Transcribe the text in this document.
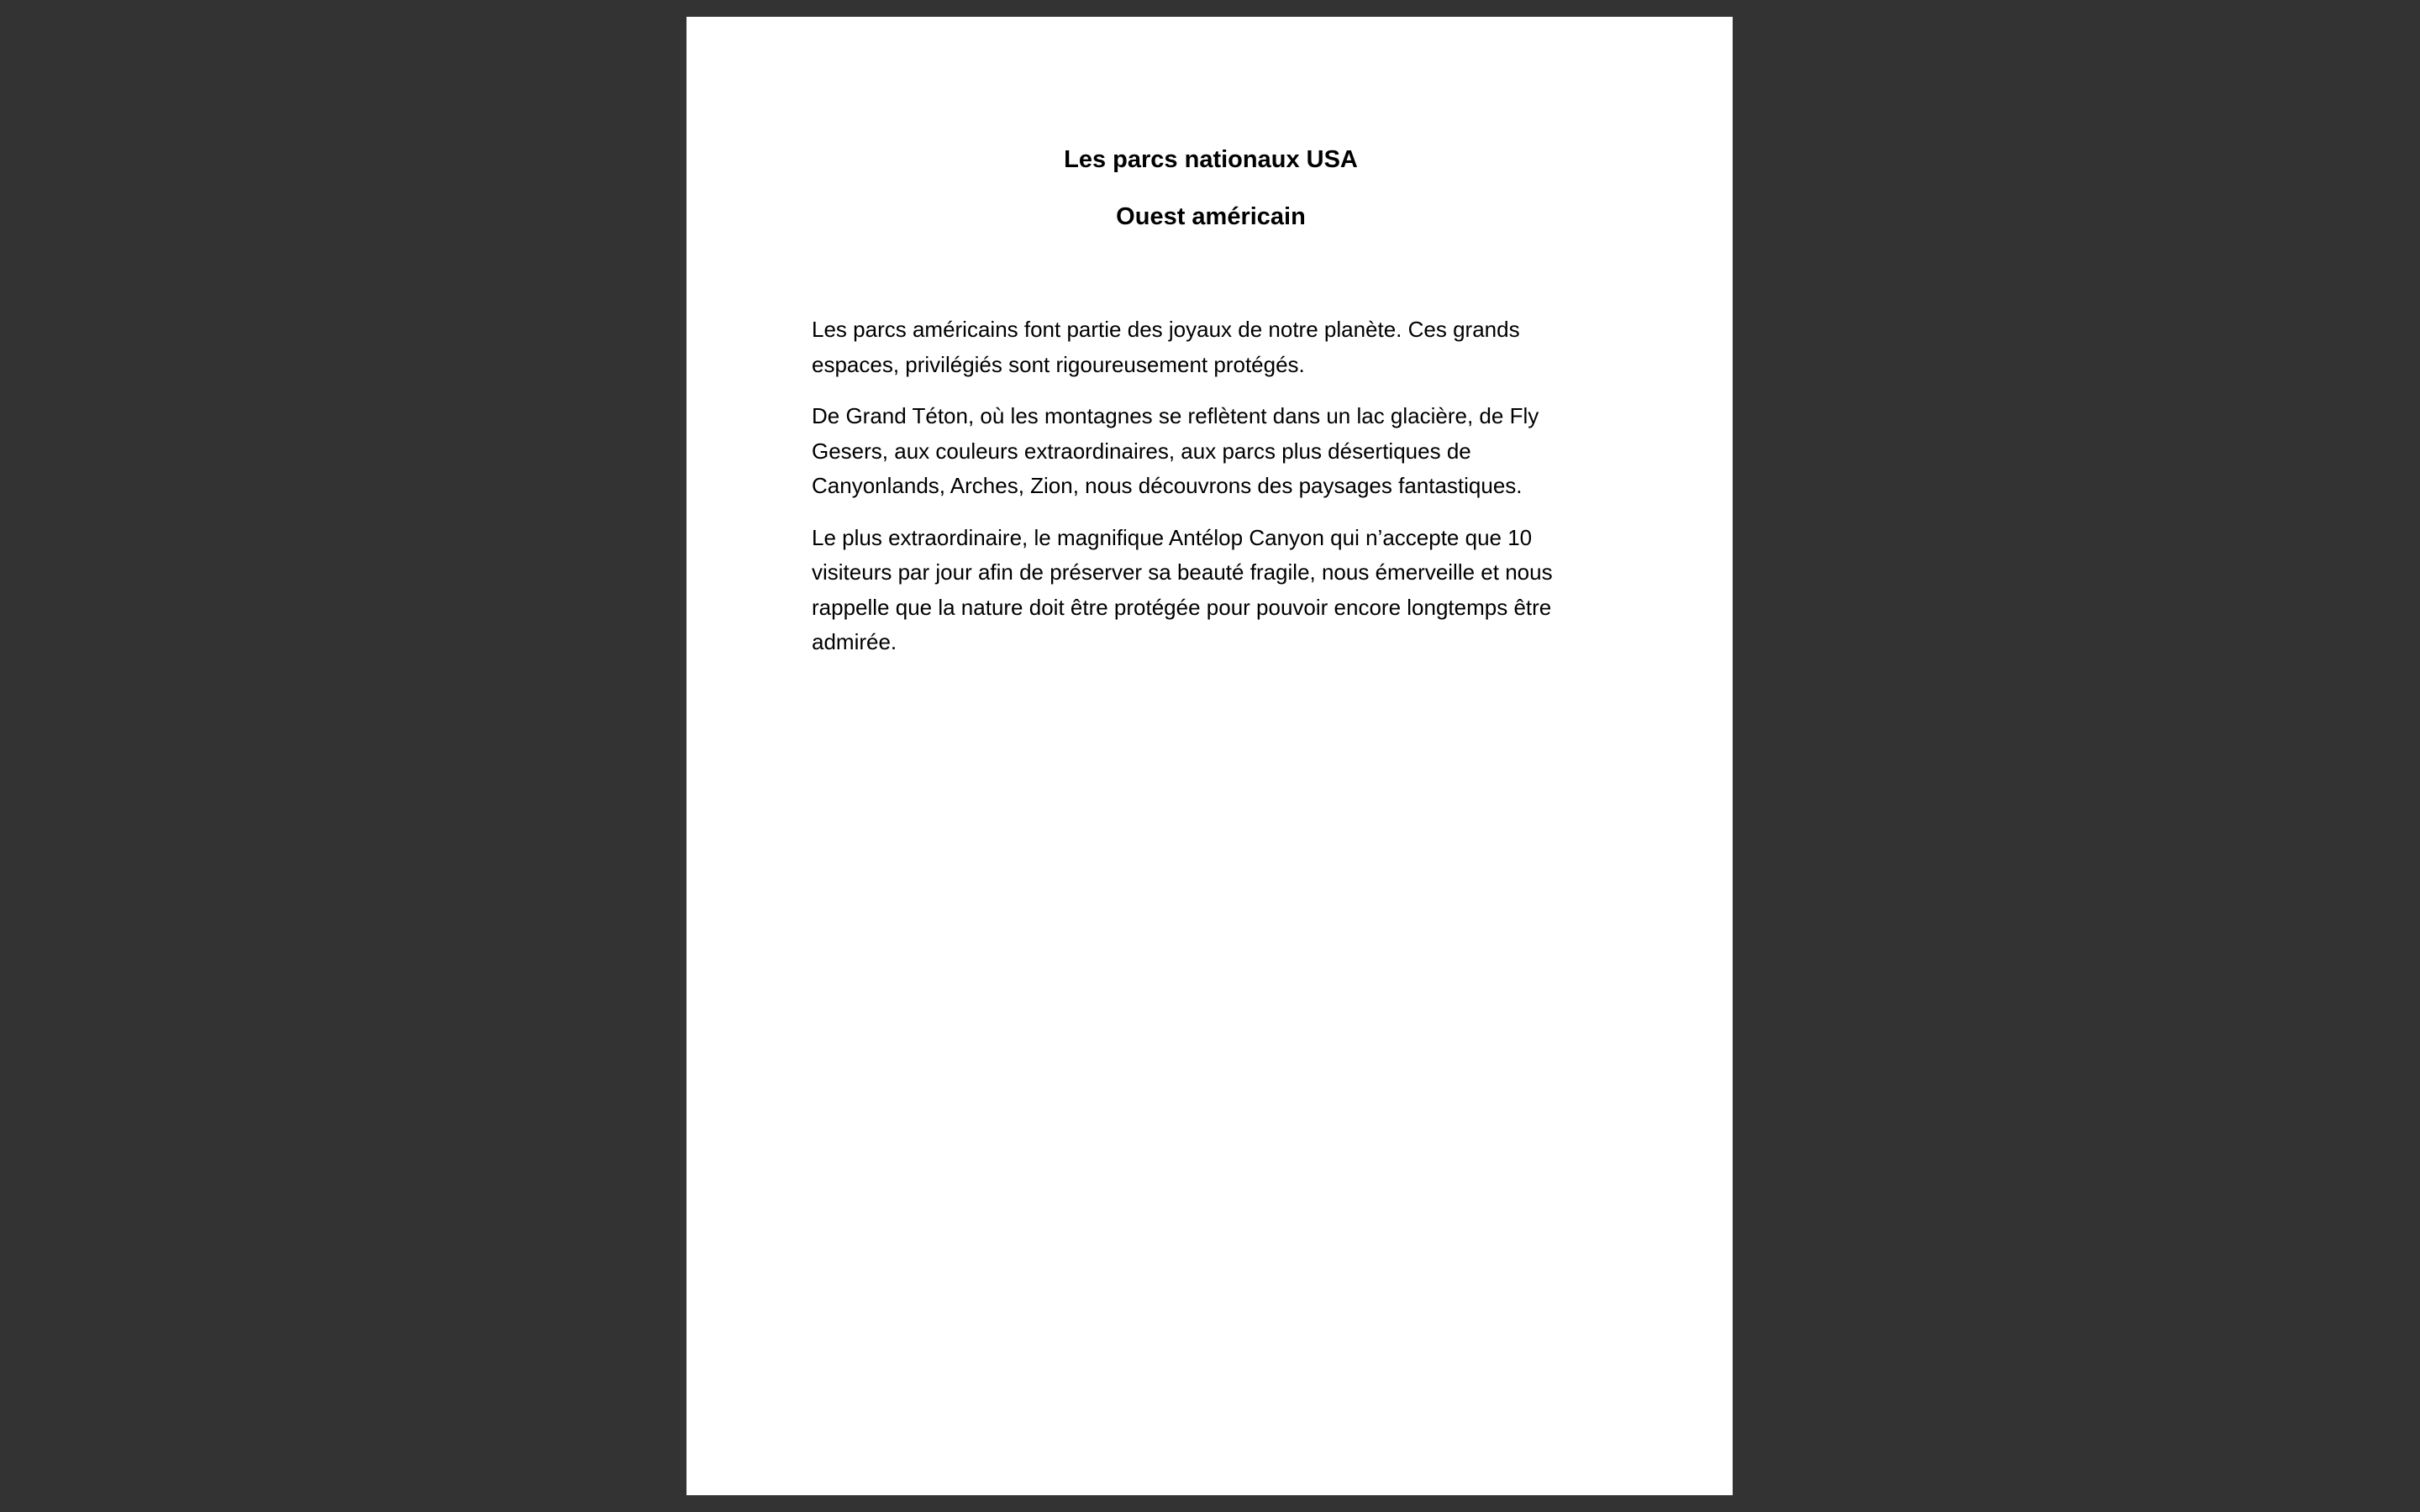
Les parcs nationaux USA
Ouest américain

Les parcs américains font partie des joyaux de notre planète. Ces grands espaces, privilégiés sont rigoureusement protégés.

De Grand Téton, où les montagnes se reflètent dans un lac glacière, de Fly Gesers, aux couleurs extraordinaires, aux parcs plus désertiques de Canyonlands, Arches, Zion, nous découvrons des paysages fantastiques.

Le plus extraordinaire, le magnifique Antélop Canyon qui n’accepte que 10 visiteurs par jour afin de préserver sa beauté fragile, nous émerveille et nous rappelle que la nature doit être protégée pour pouvoir encore longtemps être admirée.
